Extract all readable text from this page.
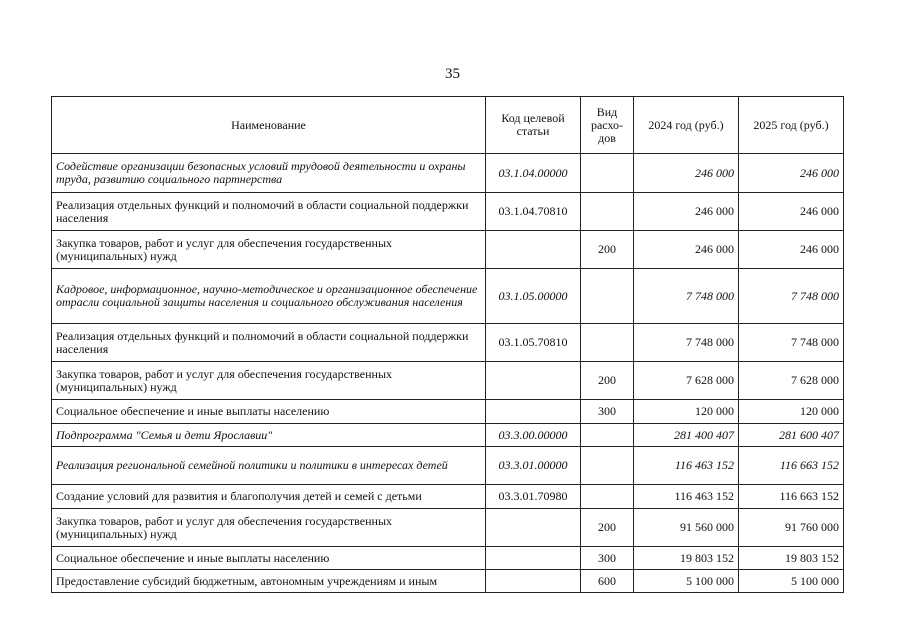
35
Наименование	Код целевой статьи	Вид расхо-дов	2024 год (руб.)	2025 год (руб.)
Содействие организации безопасных условий трудовой деятельности и охраны труда, развитию социального партнерства	03.1.04.00000		246 000	246 000
Реализация отдельных функций и полномочий в области социальной поддержки населения	03.1.04.70810		246 000	246 000
Закупка товаров, работ и услуг для обеспечения государственных (муниципальных) нужд		200	246 000	246 000
Кадровое, информационное, научно-методическое и организационное обеспечение отрасли социальной защиты населения и социального обслуживания населения	03.1.05.00000		7 748 000	7 748 000
Реализация отдельных функций и полномочий в области социальной поддержки населения	03.1.05.70810		7 748 000	7 748 000
Закупка товаров, работ и услуг для обеспечения государственных (муниципальных) нужд		200	7 628 000	7 628 000
Социальное обеспечение и иные выплаты населению		300	120 000	120 000
Подпрограмма "Семья и дети Ярославии"	03.3.00.00000		281 400 407	281 600 407
Реализация региональной семейной политики и политики в интересах детей	03.3.01.00000		116 463 152	116 663 152
Создание условий для развития и благополучия детей и семей с детьми	03.3.01.70980		116 463 152	116 663 152
Закупка товаров, работ и услуг для обеспечения государственных (муниципальных) нужд		200	91 560 000	91 760 000
Социальное обеспечение и иные выплаты населению		300	19 803 152	19 803 152
Предоставление субсидий бюджетным, автономным учреждениям и иным		600	5 100 000	5 100 000
